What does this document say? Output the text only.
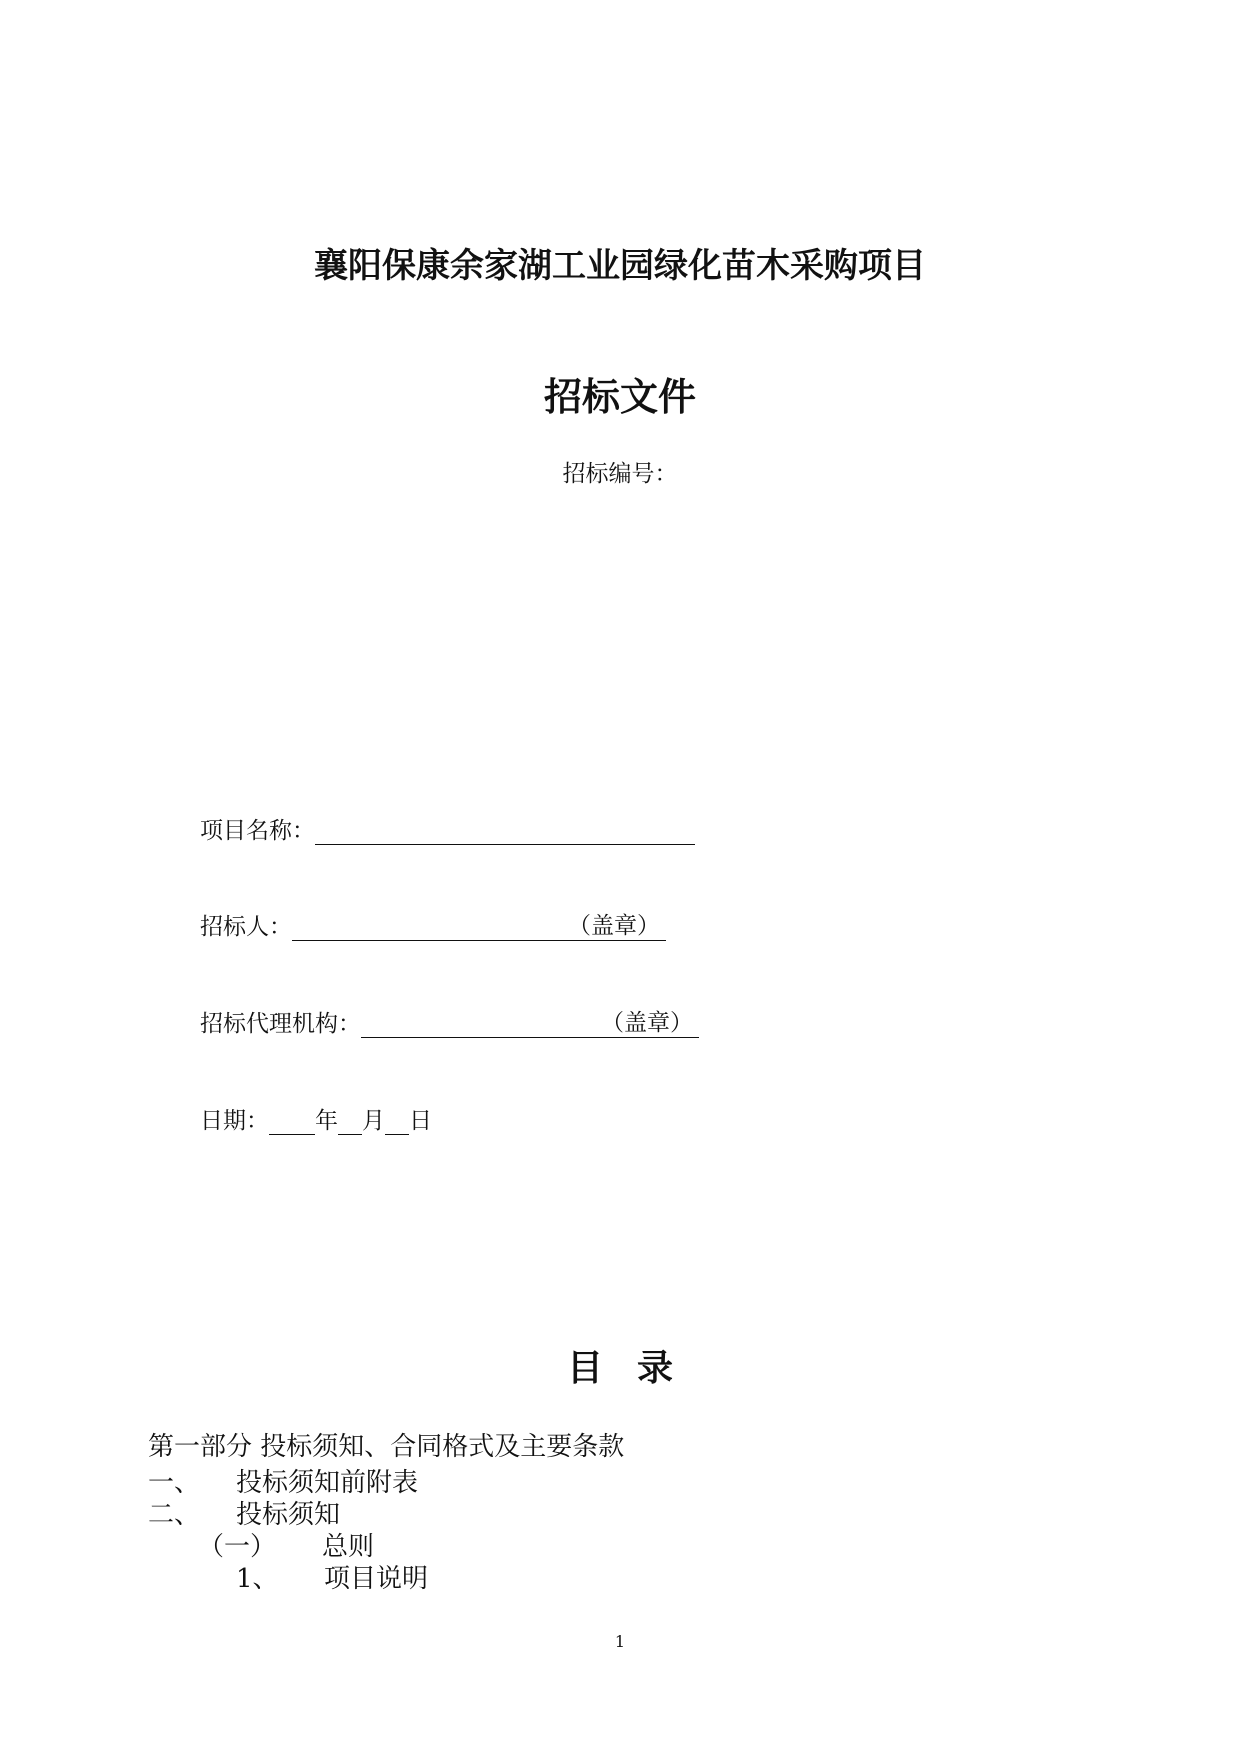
襄阳保康余家湖工业园绿化苗木采购项目
招标文件
招标编号：
项目名称：
招标人：	（盖章）
招标代理机构：	（盖章）
日期： 年 月 日
目录
第一部分 投标须知、合同格式及主要条款
一、 投标须知前附表
二、 投标须知
（一） 总则
1、 项目说明
1
